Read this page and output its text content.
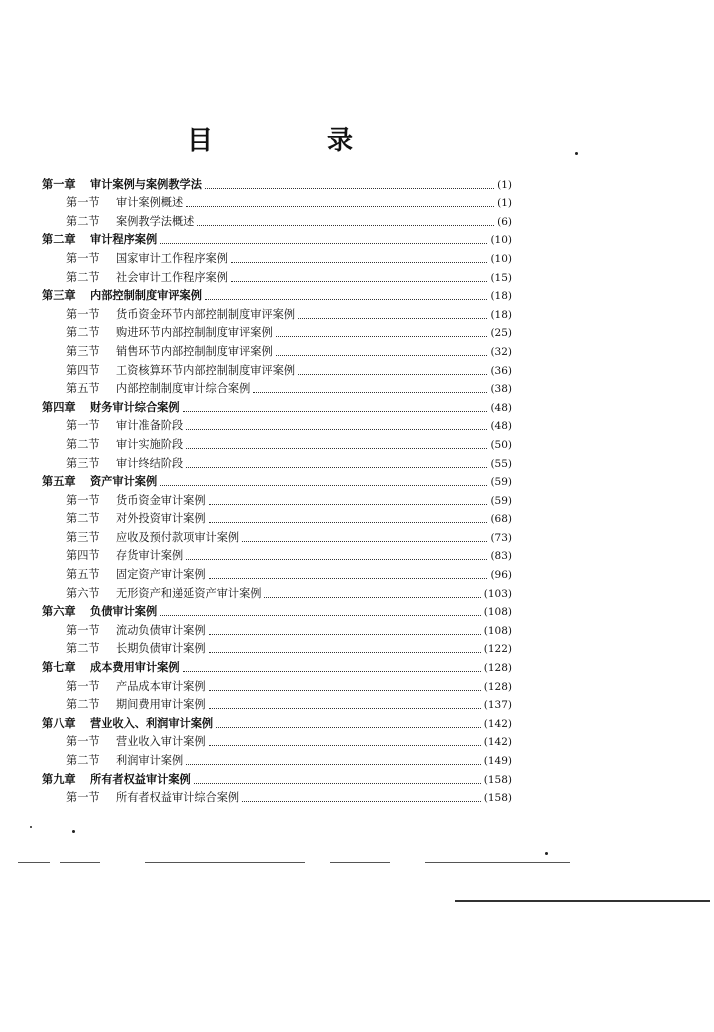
目　录
第一章	审计案例与案例教学法	(1)
第一节	审计案例概述	(1)
第二节	案例教学法概述	(6)
第二章	审计程序案例	(10)
第一节	国家审计工作程序案例	(10)
第二节	社会审计工作程序案例	(15)
第三章	内部控制制度审评案例	(18)
第一节	货币资金环节内部控制制度审评案例	(18)
第二节	购进环节内部控制制度审评案例	(25)
第三节	销售环节内部控制制度审评案例	(32)
第四节	工资核算环节内部控制制度审评案例	(36)
第五节	内部控制制度审计综合案例	(38)
第四章	财务审计综合案例	(48)
第一节	审计准备阶段	(48)
第二节	审计实施阶段	(50)
第三节	审计终结阶段	(55)
第五章	资产审计案例	(59)
第一节	货币资金审计案例	(59)
第二节	对外投资审计案例	(68)
第三节	应收及预付款项审计案例	(73)
第四节	存货审计案例	(83)
第五节	固定资产审计案例	(96)
第六节	无形资产和递延资产审计案例	(103)
第六章	负债审计案例	(108)
第一节	流动负债审计案例	(108)
第二节	长期负债审计案例	(122)
第七章	成本费用审计案例	(128)
第一节	产品成本审计案例	(128)
第二节	期间费用审计案例	(137)
第八章	营业收入、利润审计案例	(142)
第一节	营业收入审计案例	(142)
第二节	利润审计案例	(149)
第九章	所有者权益审计案例	(158)
第一节	所有者权益审计综合案例	(158)
